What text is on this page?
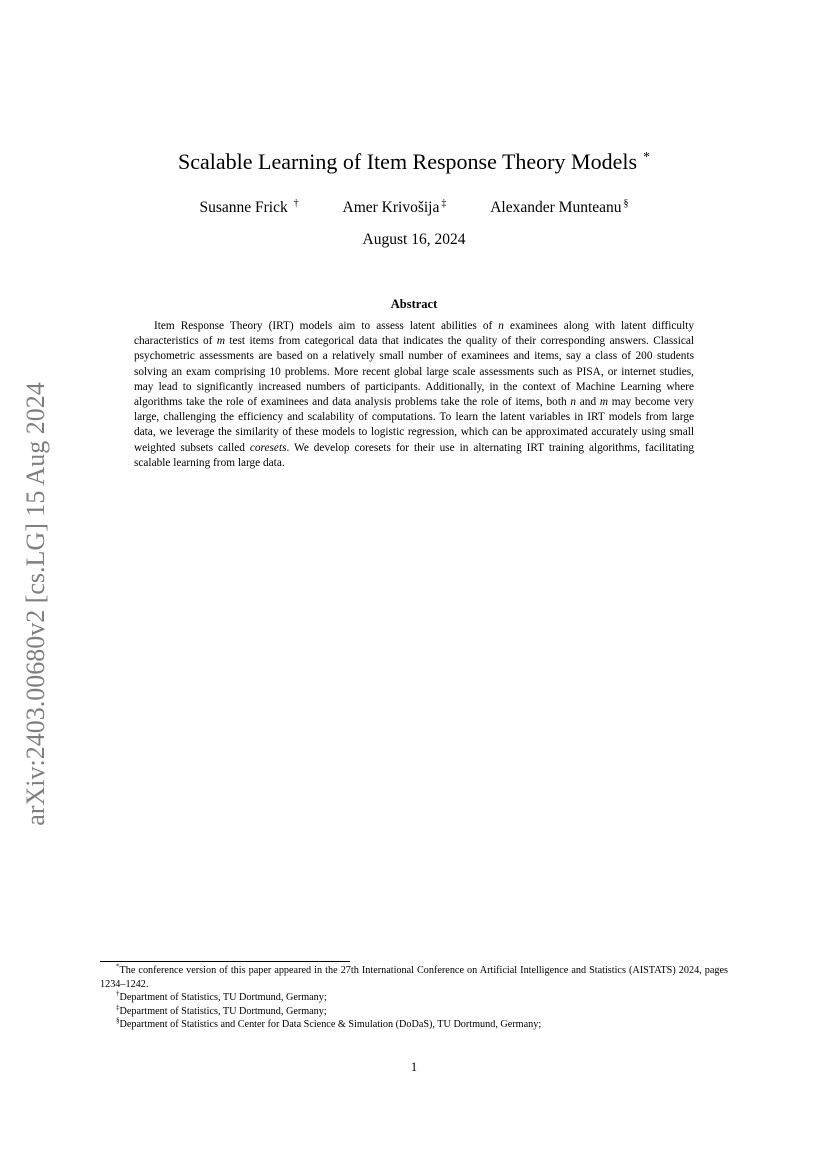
arXiv:2403.00680v2 [cs.LG] 15 Aug 2024
Scalable Learning of Item Response Theory Models *
Susanne Frick †	Amer Krivošija ‡	Alexander Munteanu §
August 16, 2024
Abstract

Item Response Theory (IRT) models aim to assess latent abilities of n examinees along with latent difficulty characteristics of m test items from categorical data that indicates the quality of their corresponding answers. Classical psychometric assessments are based on a relatively small number of examinees and items, say a class of 200 students solving an exam comprising 10 problems. More recent global large scale assessments such as PISA, or internet studies, may lead to significantly increased numbers of participants. Additionally, in the context of Machine Learning where algorithms take the role of examinees and data analysis problems take the role of items, both n and m may become very large, challenging the efficiency and scalability of computations. To learn the latent variables in IRT models from large data, we leverage the similarity of these models to logistic regression, which can be approximated accurately using small weighted subsets called coresets. We develop coresets for their use in alternating IRT training algorithms, facilitating scalable learning from large data.

*The conference version of this paper appeared in the 27th International Conference on Artificial Intelligence and Statistics (AISTATS) 2024, pages 1234–1242.

†Department of Statistics, TU Dortmund, Germany;

‡Department of Statistics, TU Dortmund, Germany;

§Department of Statistics and Center for Data Science & Simulation (DoDaS), TU Dortmund, Germany;

1
